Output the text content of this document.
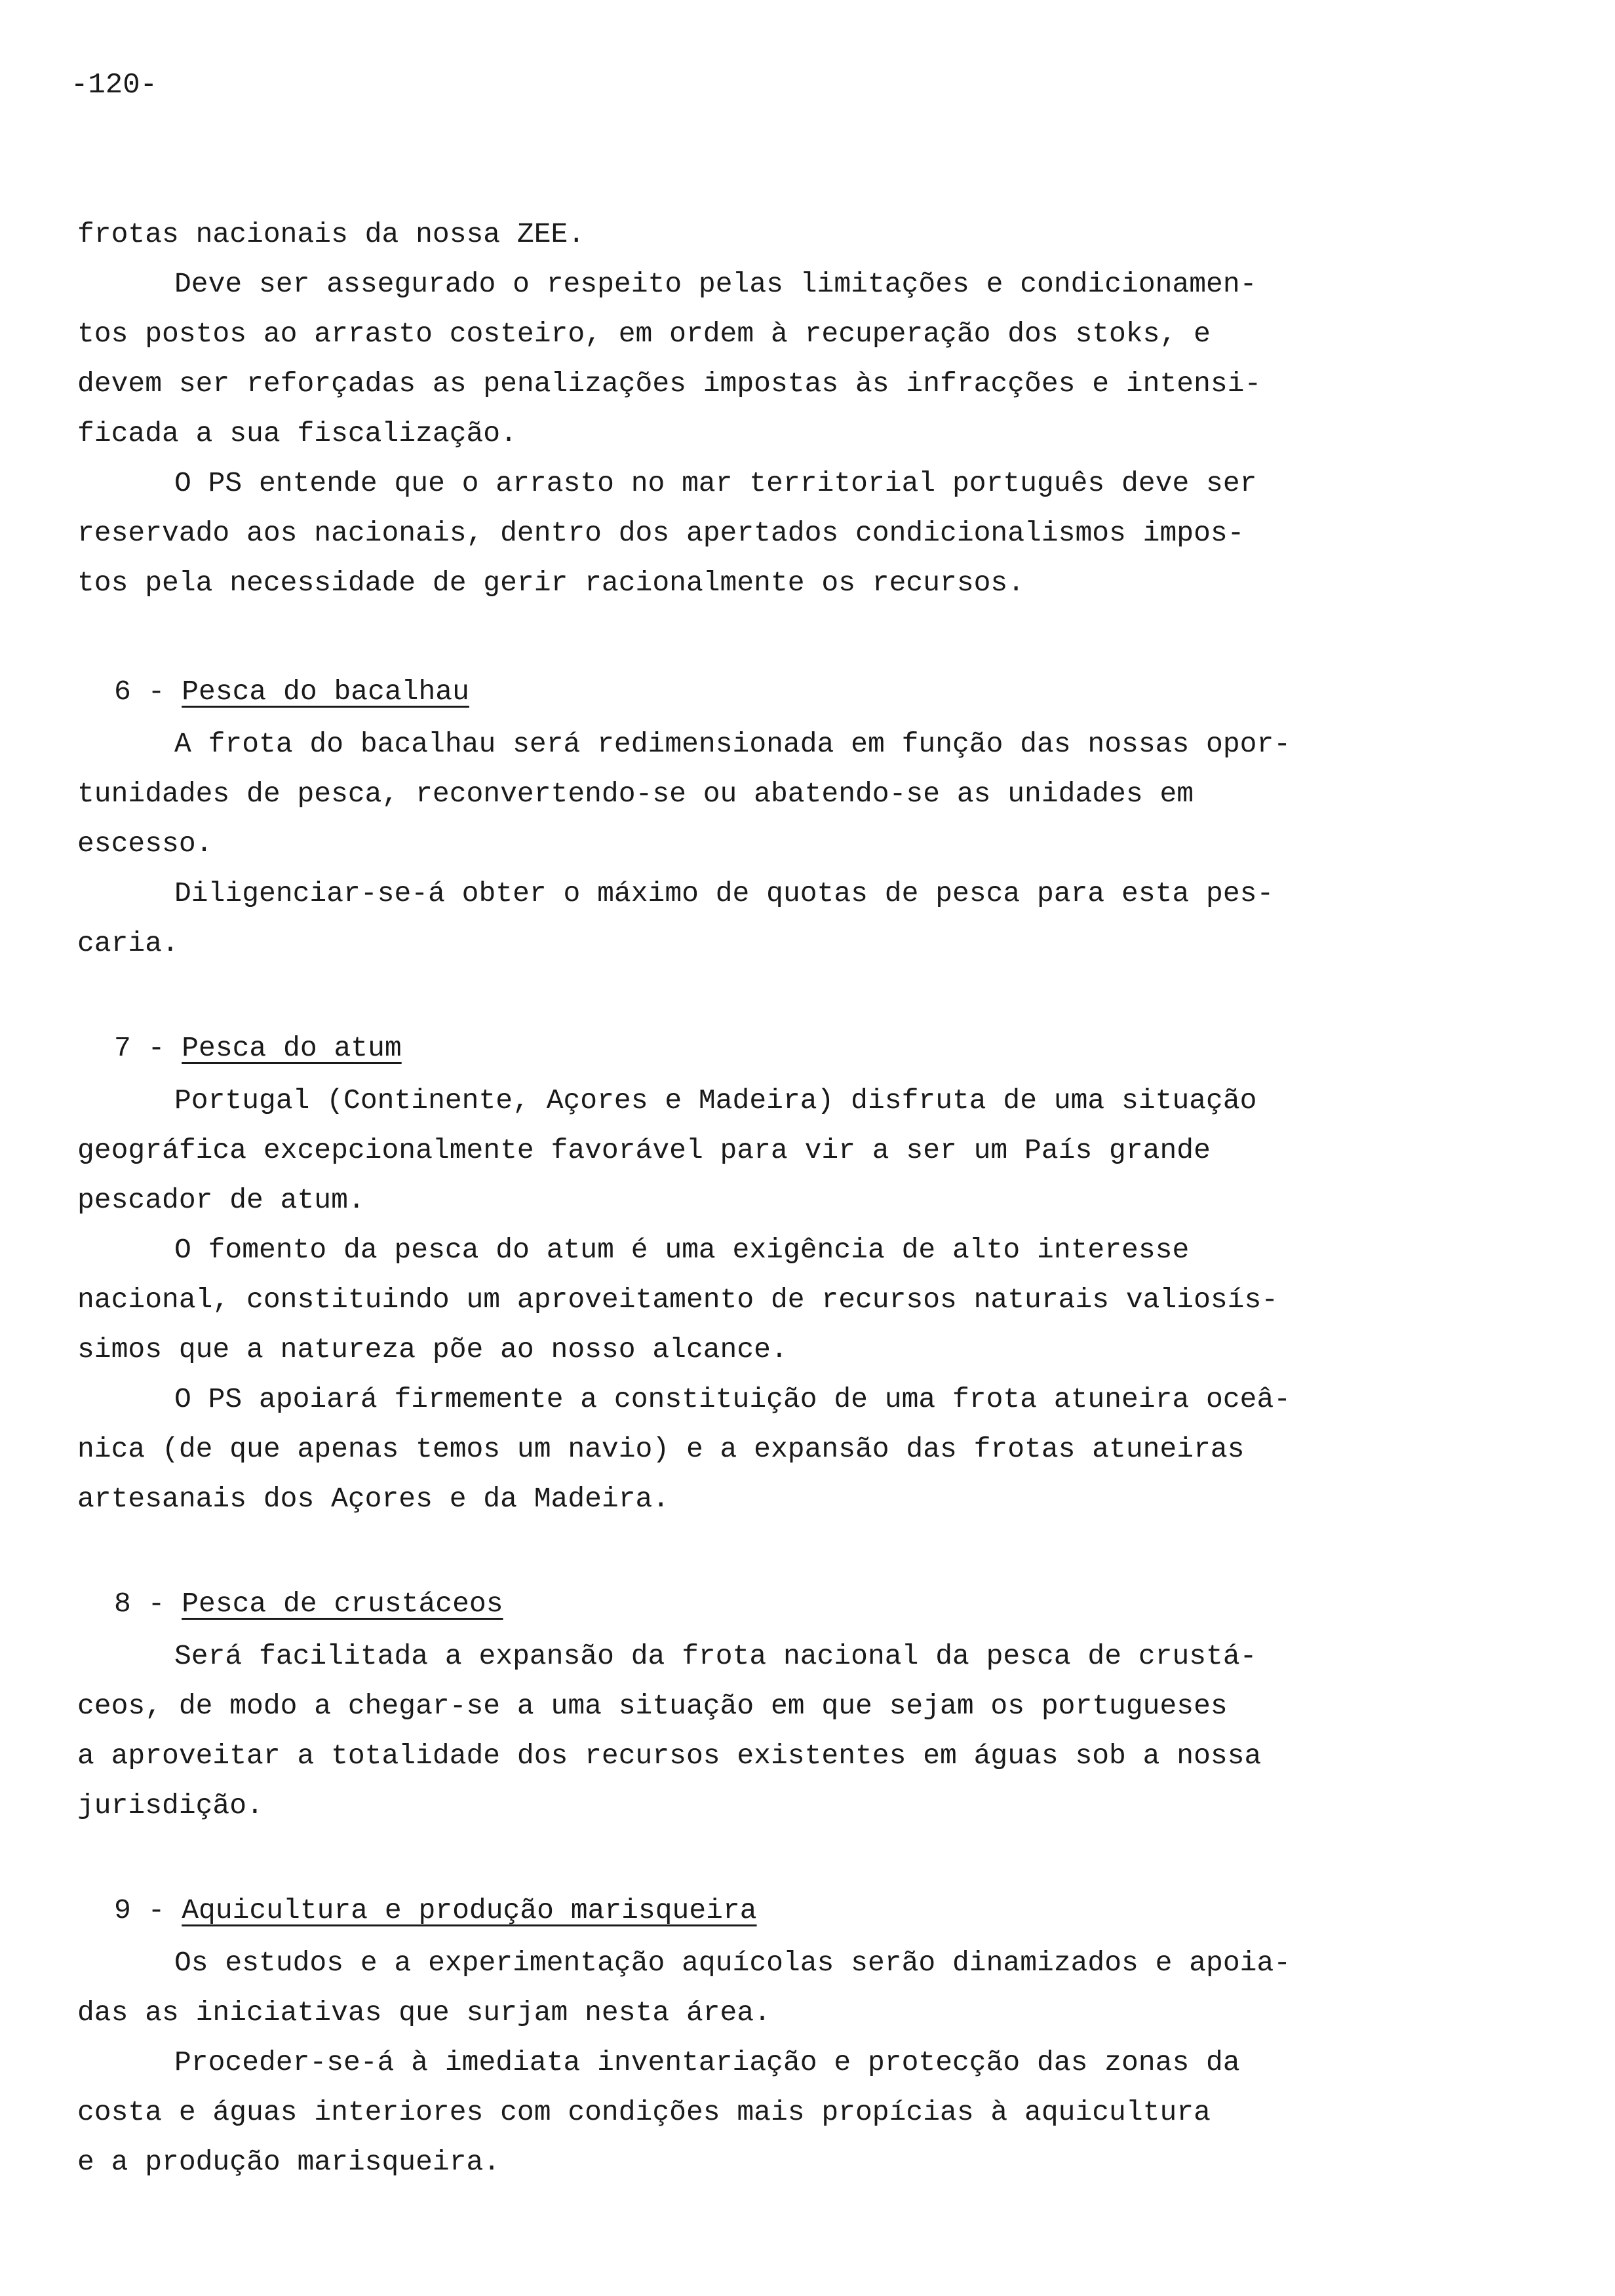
-120-

frotas nacionais da nossa ZEE.

Deve ser assegurado o respeito pelas limitações e condicionamen-
tos postos ao arrasto costeiro, em ordem à recuperação dos stoks, e
devem ser reforçadas as penalizações impostas às infracções e intensi-
ficada a sua fiscalização.

O PS entende que o arrasto no mar territorial português deve ser
reservado aos nacionais, dentro dos apertados condicionalismos impos-
tos pela necessidade de gerir racionalmente os recursos.

6 - Pesca do bacalhau

A frota do bacalhau será redimensionada em função das nossas opor-
tunidades de pesca, reconvertendo-se ou abatendo-se as unidades em
escesso.

Diligenciar-se-á obter o máximo de quotas de pesca para esta pes-
caria.

7 - Pesca do atum

Portugal (Continente, Açores e Madeira) disfruta de uma situação
geográfica excepcionalmente favorável para vir a ser um País grande
pescador de atum.

O fomento da pesca do atum é uma exigência de alto interesse
nacional, constituindo um aproveitamento de recursos naturais valiosís-
simos que a natureza põe ao nosso alcance.

O PS apoiará firmemente a constituição de uma frota atuneira oceâ-
nica (de que apenas temos um navio) e a expansão das frotas atuneiras
artesanais dos Açores e da Madeira.

8 - Pesca de crustáceos

Será facilitada a expansão da frota nacional da pesca de crustá-
ceos, de modo a chegar-se a uma situação em que sejam os portugueses
a aproveitar a totalidade dos recursos existentes em águas sob a nossa
jurisdição.

9 - Aquicultura e produção marisqueira

Os estudos e a experimentação aquícolas serão dinamizados e apoia-
das as iniciativas que surjam nesta área.

Proceder-se-á à imediata inventariação e protecção das zonas da
costa e águas interiores com condições mais propícias à aquicultura
e a produção marisqueira.
